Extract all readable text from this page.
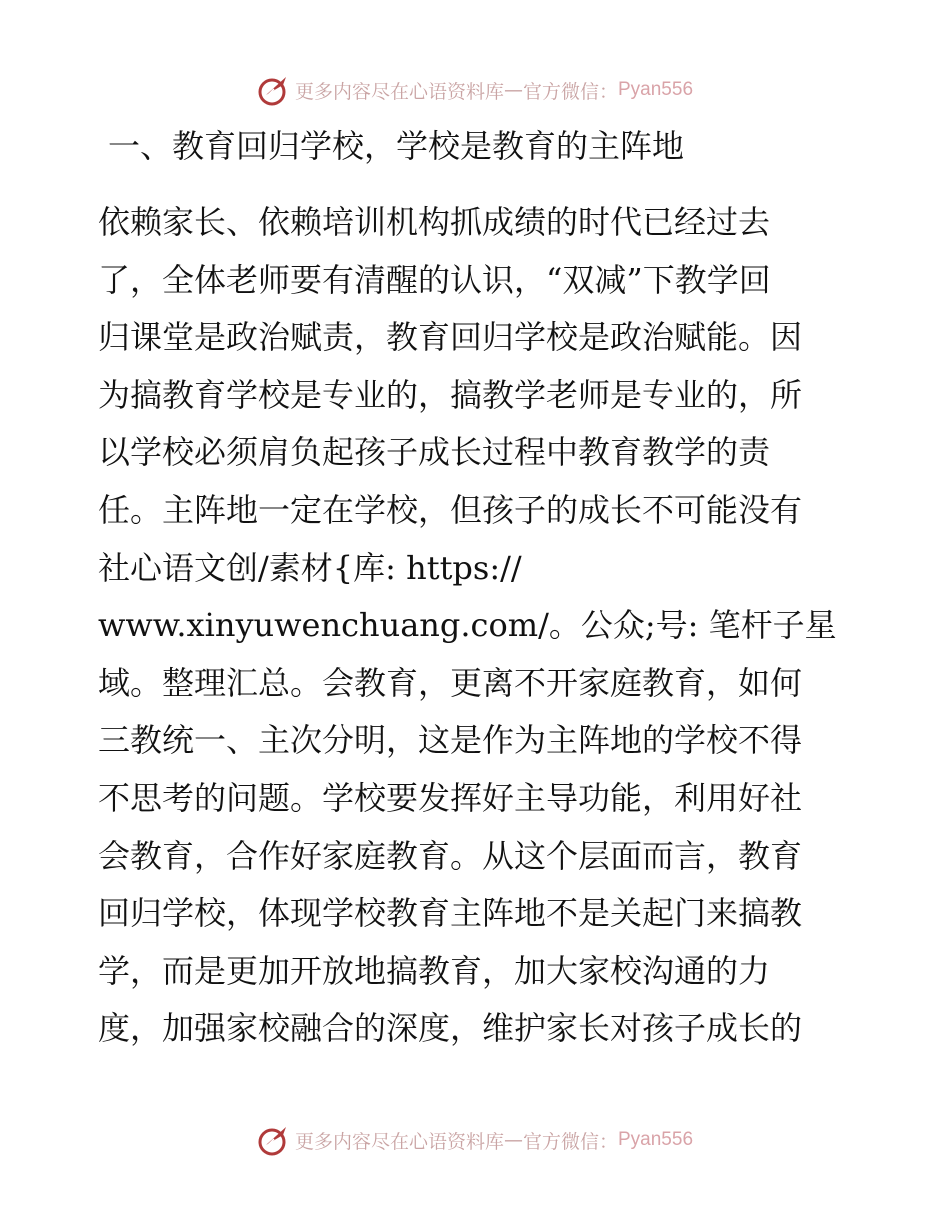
更多内容尽在心语资料库 — 官方微信： Pyan556
一、教育回归学校，学校是教育的主阵地
依赖家长、依赖培训机构抓成绩的时代已经过去
了，全体老师要有清醒的认识，“双减”下教学回
归课堂是政治赋责，教育回归学校是政治赋能。因
为搞教育学校是专业的，搞教学老师是专业的，所
以学校必须肩负起孩子成长过程中教育教学的责
任。主阵地一定在学校，但孩子的成长不可能没有
社心语文创/素材{库: https://
www.xinyuwenchuang.com/。公众;号: 笔杆子星
域。整理汇总。会教育，更离不开家庭教育，如何
三教统一、主次分明，这是作为主阵地的学校不得
不思考的问题。学校要发挥好主导功能，利用好社
会教育，合作好家庭教育。从这个层面而言，教育
回归学校，体现学校教育主阵地不是关起门来搞教
学，而是更加开放地搞教育，加大家校沟通的力
度，加强家校融合的深度，维护家长对孩子成长的
更多内容尽在心语资料库 — 官方微信： Pyan556
